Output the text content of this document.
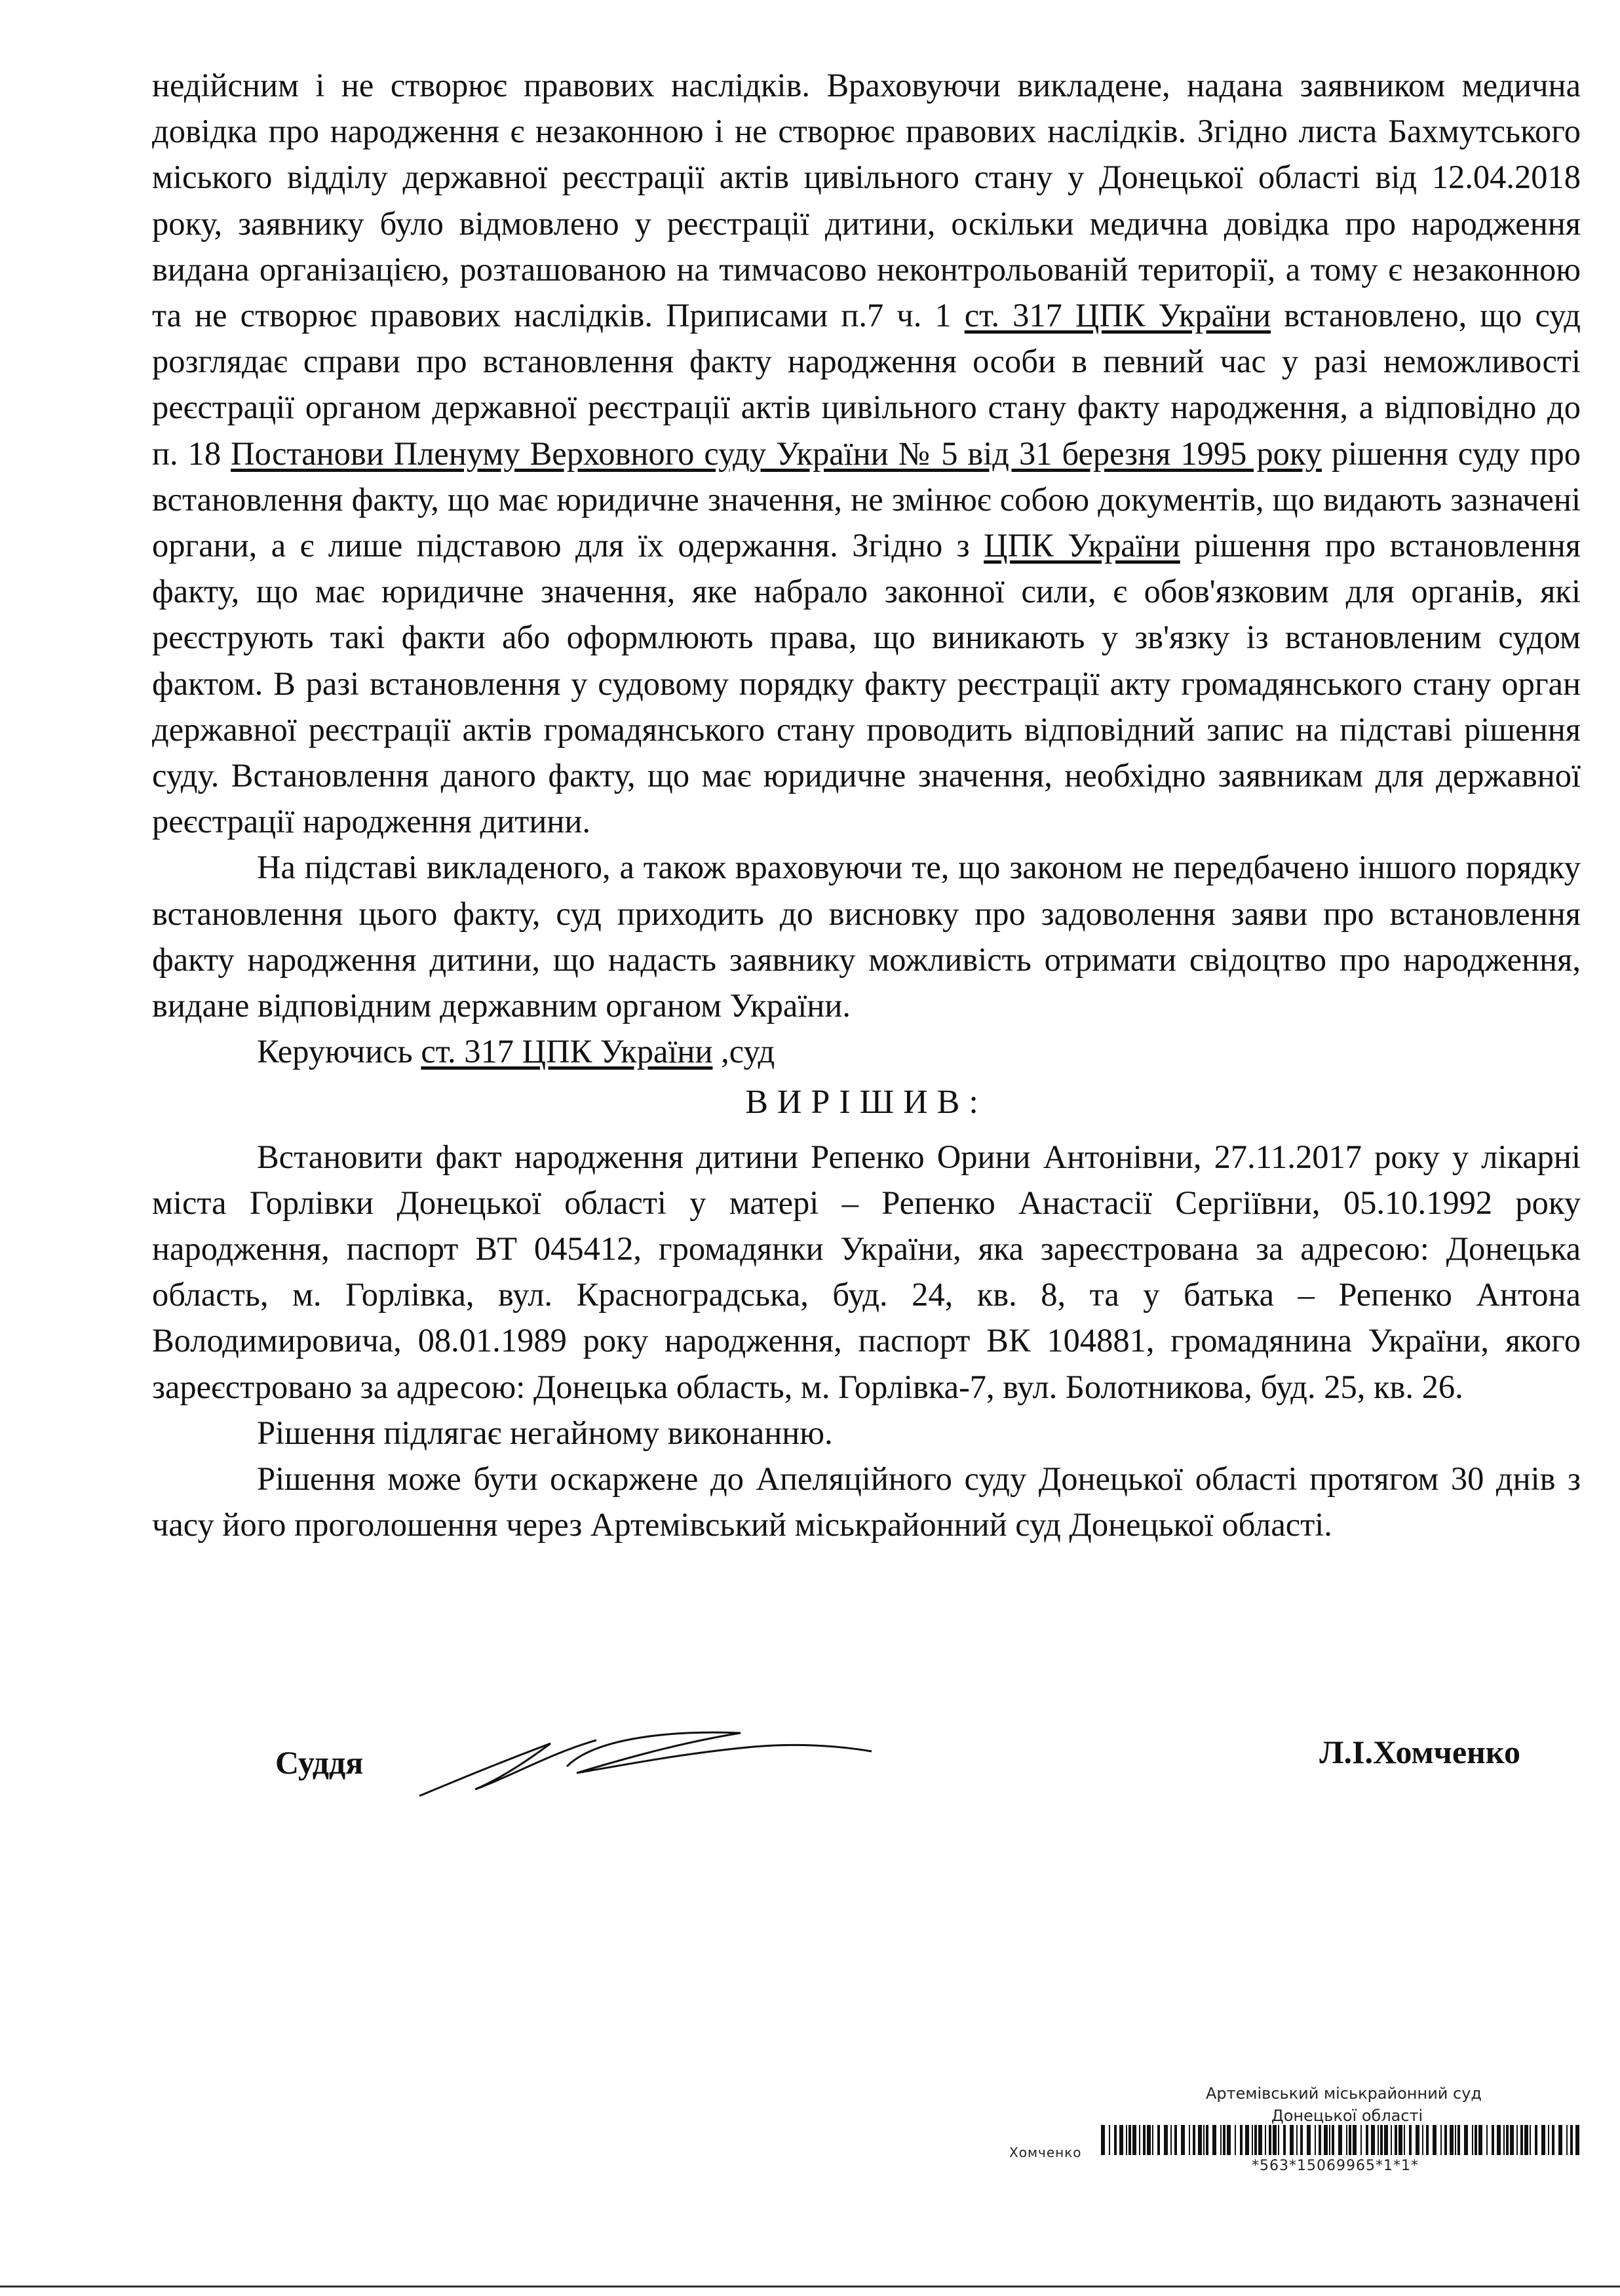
недійсним і не створює правових наслідків. Враховуючи викладене, надана заявником медична довідка про народження є незаконною і не створює правових наслідків. Згідно листа Бахмутського міського відділу державної реєстрації актів цивільного стану у Донецької області від 12.04.2018 року, заявнику було відмовлено у реєстрації дитини, оскільки медична довідка про народження видана організацією, розташованою на тимчасово неконтрольованій території, а тому є незаконною та не створює правових наслідків. Приписами п.7 ч. 1 ст. 317 ЦПК України встановлено, що суд розглядає справи про встановлення факту народження особи в певний час у разі неможливості реєстрації органом державної реєстрації актів цивільного стану факту народження, а відповідно до п. 18 Постанови Пленуму Верховного суду України № 5 від 31 березня 1995 року рішення суду про встановлення факту, що має юридичне значення, не змінює собою документів, що видають зазначені органи, а є лише підставою для їх одержання. Згідно з ЦПК України рішення про встановлення факту, що має юридичне значення, яке набрало законної сили, є обов'язковим для органів, які реєструють такі факти або оформлюють права, що виникають у зв'язку із встановленим судом фактом. В разі встановлення у судовому порядку факту реєстрації акту громадянського стану орган державної реєстрації актів громадянського стану проводить відповідний запис на підставі рішення суду. Встановлення даного факту, що має юридичне значення, необхідно заявникам для державної реєстрації народження дитини.

На підставі викладеного, а також враховуючи те, що законом не передбачено іншого порядку встановлення цього факту, суд приходить до висновку про задоволення заяви про встановлення факту народження дитини, що надасть заявнику можливість отримати свідоцтво про народження, видане відповідним державним органом України.

Керуючись ст. 317 ЦПК України ,суд

ВИРІШИВ:

Встановити факт народження дитини Репенко Орини Антонівни, 27.11.2017 року у лікарні міста Горлівки Донецької області у матері – Репенко Анастасії Сергіївни, 05.10.1992 року народження, паспорт ВТ 045412, громадянки України, яка зареєстрована за адресою: Донецька область, м. Горлівка, вул. Красноградська, буд. 24, кв. 8, та у батька – Репенко Антона Володимировича, 08.01.1989 року народження, паспорт ВК 104881, громадянина України, якого зареєстровано за адресою: Донецька область, м. Горлівка-7, вул. Болотникова, буд. 25, кв. 26.

Рішення підлягає негайному виконанню.

Рішення може бути оскаржене до Апеляційного суду Донецької області протягом 30 днів з часу його проголошення через Артемівський міськрайонний суд Донецької області.

Суддя	Л.І.Хомченко
Артемівський міськрайонний суд
Донецької області
Хомченко
*563*15069965*1*1*
